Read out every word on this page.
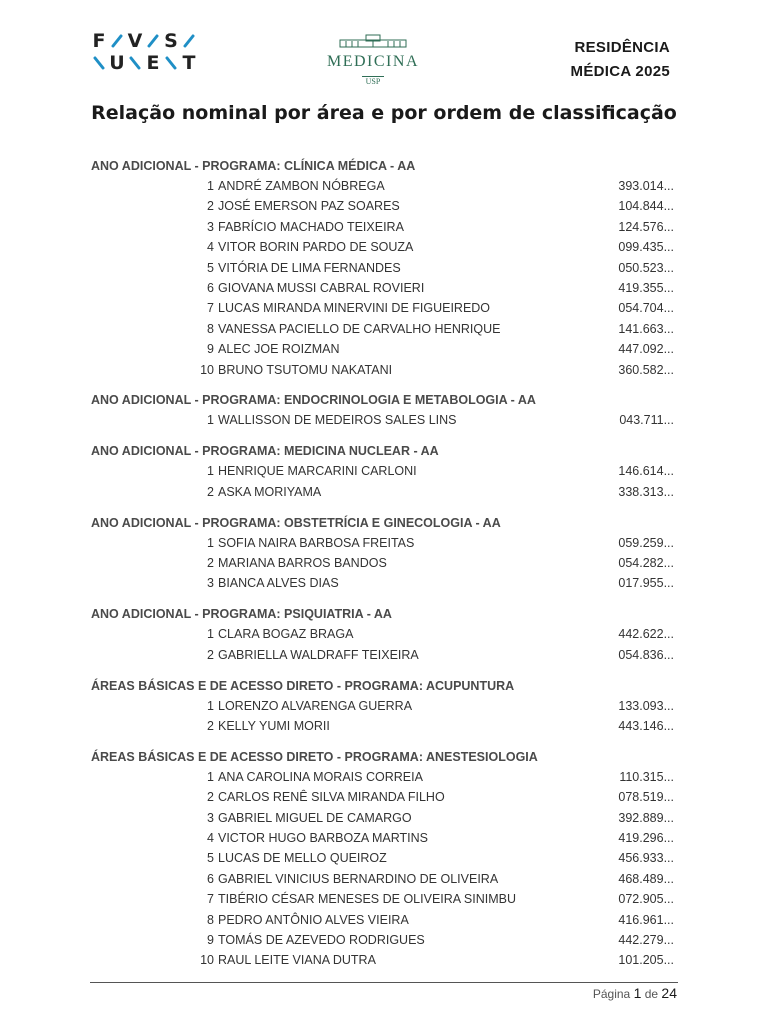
F V S
U E T	MEDICINA
USP
RESIDÊNCIA
MÉDICA 2025
Relação nominal por área e por ordem de classificação
ANO ADICIONAL - PROGRAMA: CLÍNICA MÉDICA - AA
1 ANDRÉ ZAMBON NÓBREGA	393.014...
2 JOSÉ EMERSON PAZ SOARES	104.844...
3 FABRÍCIO MACHADO TEIXEIRA	124.576...
4 VITOR BORIN PARDO DE SOUZA	099.435...
5 VITÓRIA DE LIMA FERNANDES	050.523...
6 GIOVANA MUSSI CABRAL ROVIERI	419.355...
7 LUCAS MIRANDA MINERVINI DE FIGUEIREDO	054.704...
8 VANESSA PACIELLO DE CARVALHO HENRIQUE	141.663...
9 ALEC JOE ROIZMAN	447.092...
10 BRUNO TSUTOMU NAKATANI	360.582...
ANO ADICIONAL - PROGRAMA: ENDOCRINOLOGIA E METABOLOGIA - AA
1 WALLISSON DE MEDEIROS SALES LINS	043.711...
ANO ADICIONAL - PROGRAMA: MEDICINA NUCLEAR - AA
1 HENRIQUE MARCARINI CARLONI	146.614...
2 ASKA MORIYAMA	338.313...
ANO ADICIONAL - PROGRAMA: OBSTETRÍCIA E GINECOLOGIA - AA
1 SOFIA NAIRA BARBOSA FREITAS	059.259...
2 MARIANA BARROS BANDOS	054.282...
3 BIANCA ALVES DIAS	017.955...
ANO ADICIONAL - PROGRAMA: PSIQUIATRIA - AA
1 CLARA BOGAZ BRAGA	442.622...
2 GABRIELLA WALDRAFF TEIXEIRA	054.836...
ÁREAS BÁSICAS E DE ACESSO DIRETO - PROGRAMA: ACUPUNTURA
1 LORENZO ALVARENGA GUERRA	133.093...
2 KELLY YUMI MORII	443.146...
ÁREAS BÁSICAS E DE ACESSO DIRETO - PROGRAMA: ANESTESIOLOGIA
1 ANA CAROLINA MORAIS CORREIA	110.315...
2 CARLOS RENÊ SILVA MIRANDA FILHO	078.519...
3 GABRIEL MIGUEL DE CAMARGO	392.889...
4 VICTOR HUGO BARBOZA MARTINS	419.296...
5 LUCAS DE MELLO QUEIROZ	456.933...
6 GABRIEL VINICIUS BERNARDINO DE OLIVEIRA	468.489...
7 TIBÉRIO CÉSAR MENESES DE OLIVEIRA SINIMBU	072.905...
8 PEDRO ANTÔNIO ALVES VIEIRA	416.961...
9 TOMÁS DE AZEVEDO RODRIGUES	442.279...
10 RAUL LEITE VIANA DUTRA	101.205...
Página 1 de 24
